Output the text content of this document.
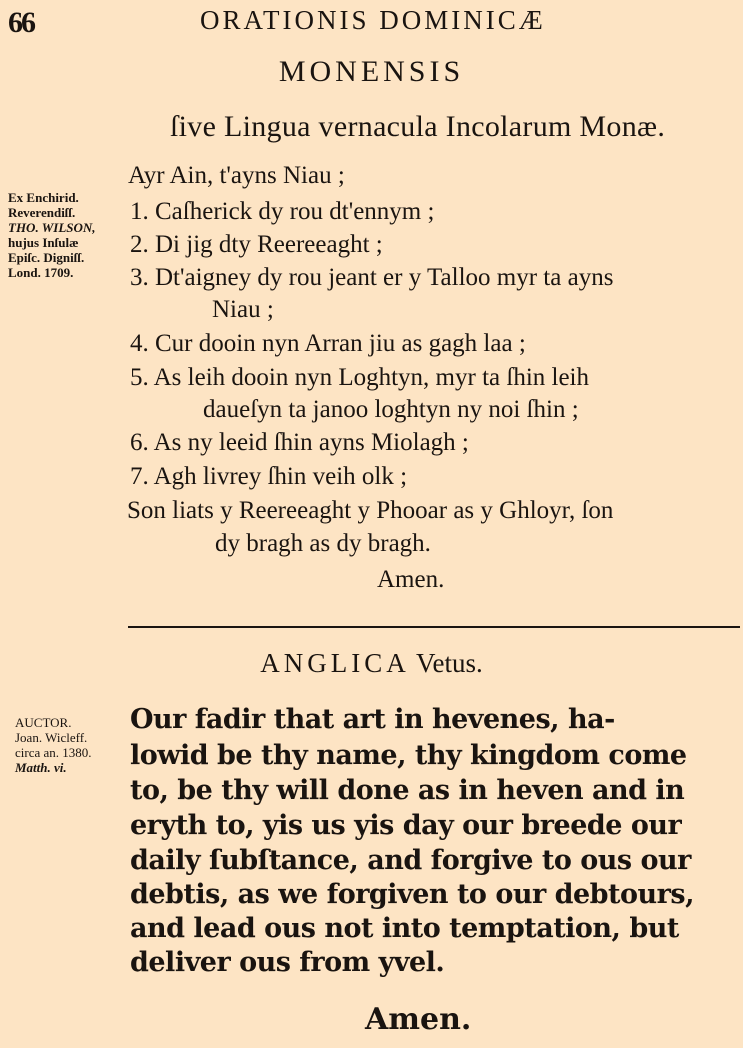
66	ORATIONIS DOMINICÆ
MONENSIS
ſive Lingua vernacula Incolarum Monæ.
Ex Enchirid.
Reverendiſſ.
THO. WILSON,
hujus Inſulæ
Epiſc. Digniſſ.
Lond. 1709.
Ayr Ain, t'ayns Niau ;
1. Caſherick dy rou dt'ennym ;
2. Di jig dty Reereeaght ;
3. Dt'aigney dy rou jeant er y Talloo myr ta ayns
Niau ;
4. Cur dooin nyn Arran jiu as gagh laa ;
5. As leih dooin nyn Loghtyn, myr ta ſhin leih
daueſyn ta janoo loghtyn ny noi ſhin ;
6. As ny leeid ſhin ayns Miolagh ;
7. Agh livrey ſhin veih olk ;
Son liats y Reereeaght y Phooar as y Ghloyr, ſon
dy bragh as dy bragh.
Amen.
ANGLICA Vetus.
AUCTOR.
Joan. Wicleff.
circa an. 1380.
Matth. vi.
Our fadir that art in hevenes, ha-
lowid be thy name, thy kingdom come
to, be thy will done as in heven and in
eryth to, yis us yis day our breede our
daily ſubſtance, and forgive to ous our
debtis, as we forgiven to our debtours,
and lead ous not into temptation, but
deliver ous from yvel.
Amen.
